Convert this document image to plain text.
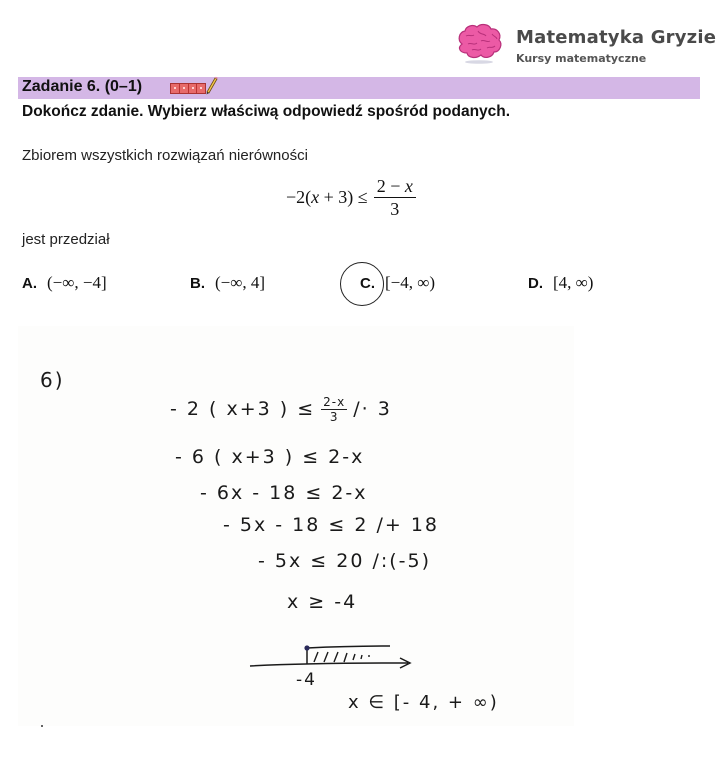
Matematyka Gryzie
Kursy matematyczne
Zadanie 6. (0–1)
Dokończ zdanie. Wybierz właściwą odpowiedź spośród podanych.
Zbiorem wszystkich rozwiązań nierówności
$-2(x + 3) \le \frac{2 - x}{3}$
jest przedział
A. (−∞, −4]	B. (−∞, 4]	C. [−4, ∞)	D. [4, ∞)
6)
- 2 ( x+3 ) ≤ $\frac{2-x}{3} /\cdot 3$
- 6 ( x+3 ) ≤ 2-x
- 6x - 18 ≤ 2-x
- 5x - 18 ≤ 2 /+ 18
- 5x ≤ 20 /:(-5)
x ≥ -4
-4
x ∈ [- 4, + ∞)
